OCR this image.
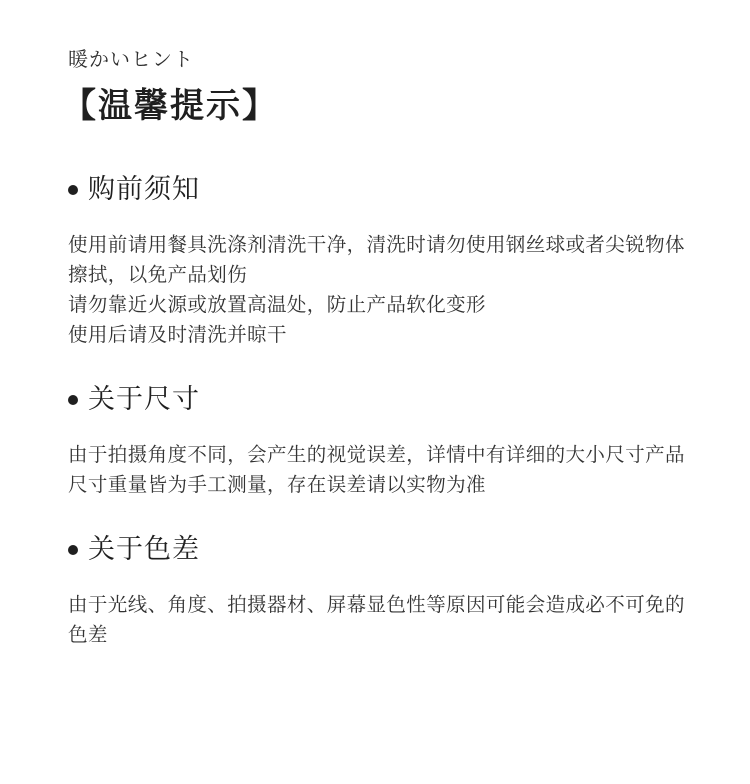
暖かいヒント
【温馨提示】
购前须知

使用前请用餐具洗涤剂清洗干净，清洗时请勿使用钢丝球或者尖锐物体擦拭，以免产品划伤

请勿靠近火源或放置高温处，防止产品软化变形

使用后请及时清洗并晾干

关于尺寸

由于拍摄角度不同，会产生的视觉误差，详情中有详细的大小尺寸产品尺寸重量皆为手工测量，存在误差请以实物为准

关于色差

由于光线、角度、拍摄器材、屏幕显色性等原因可能会造成必不可免的色差
